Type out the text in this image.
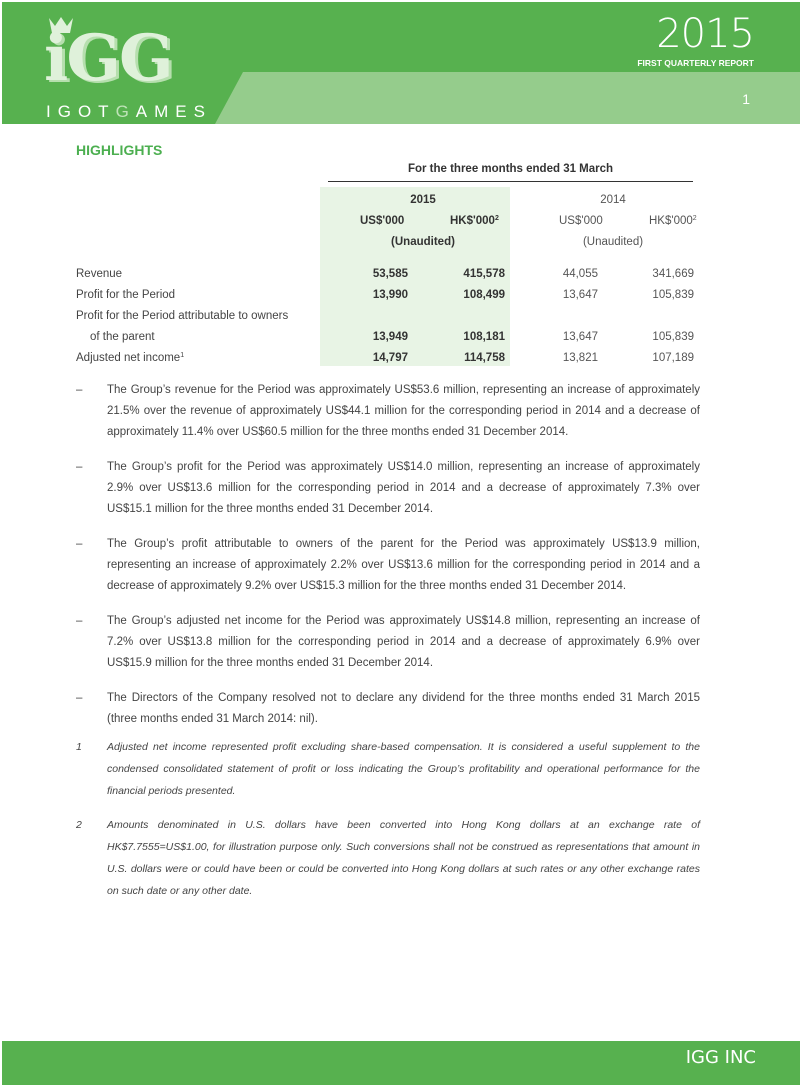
iGG
IGOTGAMES
2015
FIRST QUARTERLY REPORT
1
HIGHLIGHTS
For the three months ended 31 March
2015	2014
US$'000	$HK\$'000^2$	US$'000	$HK\$'000^2$
(Unaudited)	(Unaudited)
Revenue	53,585	415,578	44,055	341,669
Profit for the Period	13,990	108,499	13,647	105,839
Profit for the Period attributable to owners
of the parent	13,949	108,181	13,647	105,839
Adjusted net income$^1$	14,797	114,758	13,821	107,189
– The Group’s revenue for the Period was approximately US$53.6 million, representing an increase of approximately 21.5% over the revenue of approximately US$44.1 million for the corresponding period in 2014 and a decrease of approximately 11.4% over US$60.5 million for the three months ended 31 December 2014.
– The Group’s profit for the Period was approximately US$14.0 million, representing an increase of approximately 2.9% over US$13.6 million for the corresponding period in 2014 and a decrease of approximately 7.3% over US$15.1 million for the three months ended 31 December 2014.
– The Group’s profit attributable to owners of the parent for the Period was approximately US$13.9 million, representing an increase of approximately 2.2% over US$13.6 million for the corresponding period in 2014 and a decrease of approximately 9.2% over US$15.3 million for the three months ended 31 December 2014.
– The Group’s adjusted net income for the Period was approximately US$14.8 million, representing an increase of 7.2% over US$13.8 million for the corresponding period in 2014 and a decrease of approximately 6.9% over US$15.9 million for the three months ended 31 December 2014.
– The Directors of the Company resolved not to declare any dividend for the three months ended 31 March 2015 (three months ended 31 March 2014: nil).
1 Adjusted net income represented profit excluding share-based compensation. It is considered a useful supplement to the condensed consolidated statement of profit or loss indicating the Group’s profitability and operational performance for the financial periods presented.
2 Amounts denominated in U.S. dollars have been converted into Hong Kong dollars at an exchange rate of HK$7.7555=US$1.00, for illustration purpose only. Such conversions shall not be construed as representations that amount in U.S. dollars were or could have been or could be converted into Hong Kong dollars at such rates or any other exchange rates on such date or any other date.
IGG INC
